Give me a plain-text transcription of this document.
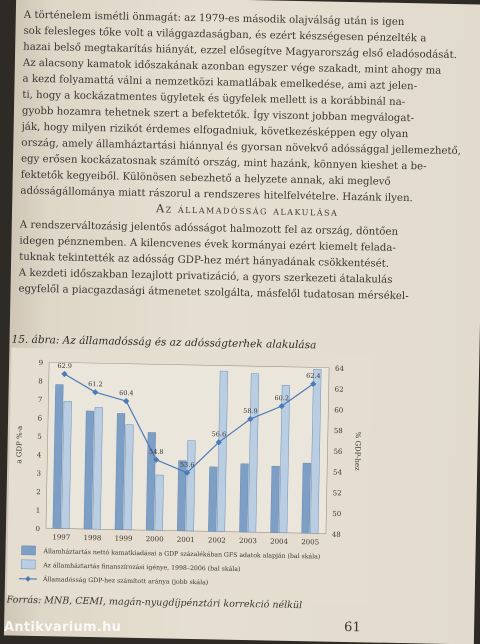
A történelem ismétli önmagát: az 1979-es második olajválság után is igen
sok felesleges tőke volt a világgazdaságban, és ezért készségesen pénzelték a
hazai belső megtakarítás hiányát, ezzel elősegítve Magyarország első eladósodását.
Az alacsony kamatok időszakának azonban egyszer vége szakadt, mint ahogy ma
a kezd folyamattá válni a nemzetközi kamatlábak emelkedése, ami azt jelen-
ti, hogy a kockázatmentes ügyletek és ügyfelek mellett is a korábbinál na-
gyobb hozamra tehetnek szert a befektetők. Így viszont jobban megválogat-
ják, hogy milyen rizikót érdemes elfogadniuk, következésképpen egy olyan
ország, amely államháztartási hiánnyal és gyorsan növekvő adóssággal jellemezhető,
egy erősen kockázatosnak számító ország, mint hazánk, könnyen kieshet a be-
fektetők kegyeiből. Különösen sebezhető a helyzete annak, aki meglevő
adósságállománya miatt rászorul a rendszeres hitelfelvételre. Hazánk ilyen.
Az államadósság alakulása
A rendszerváltozásig jelentős adósságot halmozott fel az ország, döntően
idegen pénznemben. A kilencvenes évek kormányai ezért kiemelt felada-
tuknak tekintették az adósság GDP-hez mért hányadának csökkentését.
A kezdeti időszakban lezajlott privatizáció, a gyors szerkezeti átalakulás
egyfelől a piacgazdasági átmenetet szolgálta, másfelől tudatosan mérsékel-
15. ábra: Az államadósság és az adósságterhek alakulása
62.9
61.2
60.4
54.8
53.6
56.6
58.9
60.2
62.4
0
1
2
3
4
5
6
7
8
9
48
50
52
54
56
58
60
62
64
a GDP %-a	% GDP-hez
1997 1998 1999 2000 2001 2002 2003 2004 2005
Államháztartás nettó kamatkiadásai a GDP százalékában GFS adatok alapján (bal skála)
Az államháztartás finanszírozási igénye, 1998–2006 (bal skála)
Államadósság GDP-hez számított aránya (jobb skála)
Forrás: MNB, CEMI, magán-nyugdíjpénztári korrekció nélkül
61
Antikvarium.hu
